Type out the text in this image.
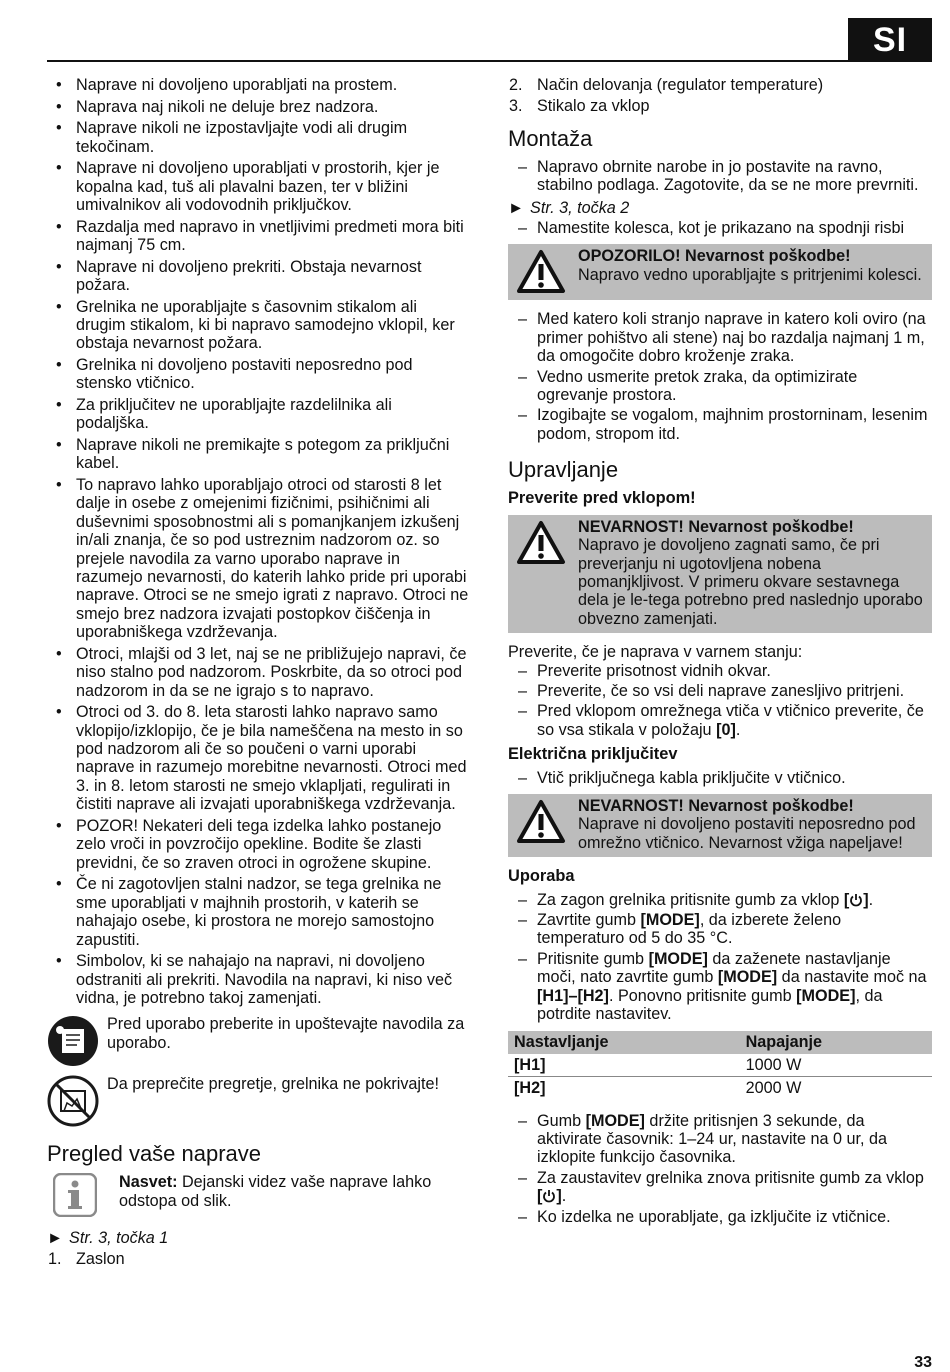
SI
• Naprave ni dovoljeno uporabljati na prostem.
• Naprava naj nikoli ne deluje brez nadzora.
• Naprave nikoli ne izpostavljajte vodi ali drugim tekočinam.
• Naprave ni dovoljeno uporabljati v prostorih, kjer je kopalna kad, tuš ali plavalni bazen, ter v bližini umivalnikov ali vodovodnih priključkov.
• Razdalja med napravo in vnetljivimi predmeti mora biti najmanj 75 cm.
• Naprave ni dovoljeno prekriti. Obstaja nevarnost požara.
• Grelnika ne uporabljajte s časovnim stikalom ali drugim stikalom, ki bi napravo samodejno vklopil, ker obstaja nevarnost požara.
• Grelnika ni dovoljeno postaviti neposredno pod stensko vtičnico.
• Za priključitev ne uporabljajte razdelilnika ali podaljška.
• Naprave nikoli ne premikajte s potegom za priključni kabel.
• To napravo lahko uporabljajo otroci od starosti 8 let dalje in osebe z omejenimi fizičnimi, psihičnimi ali duševnimi sposobnostmi ali s pomanjkanjem izkušenj in/ali znanja, če so pod ustreznim nadzorom oz. so prejele navodila za varno uporabo naprave in razumejo nevarnosti, do katerih lahko pride pri uporabi naprave. Otroci se ne smejo igrati z napravo. Otroci ne smejo brez nadzora izvajati postopkov čiščenja in uporabniškega vzdrževanja.
• Otroci, mlajši od 3 let, naj se ne približujejo napravi, če niso stalno pod nadzorom. Poskrbite, da so otroci pod nadzorom in da se ne igrajo s to napravo.
• Otroci od 3. do 8. leta starosti lahko napravo samo vklopijo/izklopijo, če je bila nameščena na mesto in so pod nadzorom ali če so poučeni o varni uporabi naprave in razumejo morebitne nevarnosti. Otroci med 3. in 8. letom starosti ne smejo vklapljati, regulirati in čistiti naprave ali izvajati uporabniškega vzdrževanja.
• POZOR! Nekateri deli tega izdelka lahko postanejo zelo vroči in povzročijo opekline. Bodite še zlasti previdni, če so zraven otroci in ogrožene skupine.
• Če ni zagotovljen stalni nadzor, se tega grelnika ne sme uporabljati v majhnih prostorih, v katerih se nahajajo osebe, ki prostora ne morejo samostojno zapustiti.
• Simbolov, ki se nahajajo na napravi, ni dovoljeno odstraniti ali prekriti. Navodila na napravi, ki niso več vidna, je potrebno takoj zamenjati.
Pred uporabo preberite in upoštevajte navodila za uporabo.
Da preprečite pregretje, grelnika ne pokrivajte!
Pregled vaše naprave
Nasvet: Dejanski videz vaše naprave lahko odstopa od slik.
► Str. 3, točka 1
1. Zaslon
2. Način delovanja (regulator temperature)
3. Stikalo za vklop
Montaža
– Napravo obrnite narobe in jo postavite na ravno, stabilno podlaga. Zagotovite, da se ne more prevrniti.
► Str. 3, točka 2
– Namestite kolesca, kot je prikazano na spodnji risbi
OPOZORILO! Nevarnost poškodbe!
Napravo vedno uporabljajte s pritrjenimi kolesci.
– Med katero koli stranjo naprave in katero koli oviro (na primer pohištvo ali stene) naj bo razdalja najmanj 1 m, da omogočite dobro kroženje zraka.
– Vedno usmerite pretok zraka, da optimizirate ogrevanje prostora.
– Izogibajte se vogalom, majhnim prostorninam, lesenim podom, stropom itd.
Upravljanje
Preverite pred vklopom!
NEVARNOST! Nevarnost poškodbe!
Napravo je dovoljeno zagnati samo, če pri preverjanju ni ugotovljena nobena pomanjkljivost. V primeru okvare sestavnega dela je le-tega potrebno pred naslednjo uporabo obvezno zamenjati.
Preverite, če je naprava v varnem stanju:
– Preverite prisotnost vidnih okvar.
– Preverite, če so vsi deli naprave zanesljivo pritrjeni.
– Pred vklopom omrežnega vtiča v vtičnico preverite, če so vsa stikala v položaju [0].
Električna priključitev
– Vtič priključnega kabla priključite v vtičnico.
NEVARNOST! Nevarnost poškodbe!
Naprave ni dovoljeno postaviti neposredno pod omrežno vtičnico. Nevarnost vžiga napeljave!
Uporaba
– Za zagon grelnika pritisnite gumb za vklop [ ].
– Zavrtite gumb [MODE], da izberete želeno temperaturo od 5 do 35 °C.
– Pritisnite gumb [MODE] da zaženete nastavljanje moči, nato zavrtite gumb [MODE] da nastavite moč na [H1]–[H2]. Ponovno pritisnite gumb [MODE], da potrdite nastavitev.
Nastavljanje	Napajanje
[H1]	1000 W
[H2]	2000 W
– Gumb [MODE] držite pritisnjen 3 sekunde, da aktivirate časovnik: 1–24 ur, nastavite na 0 ur, da izklopite funkcijo časovnika.
– Za zaustavitev grelnika znova pritisnite gumb za vklop [ ].
– Ko izdelka ne uporabljate, ga izključite iz vtičnice.
33
